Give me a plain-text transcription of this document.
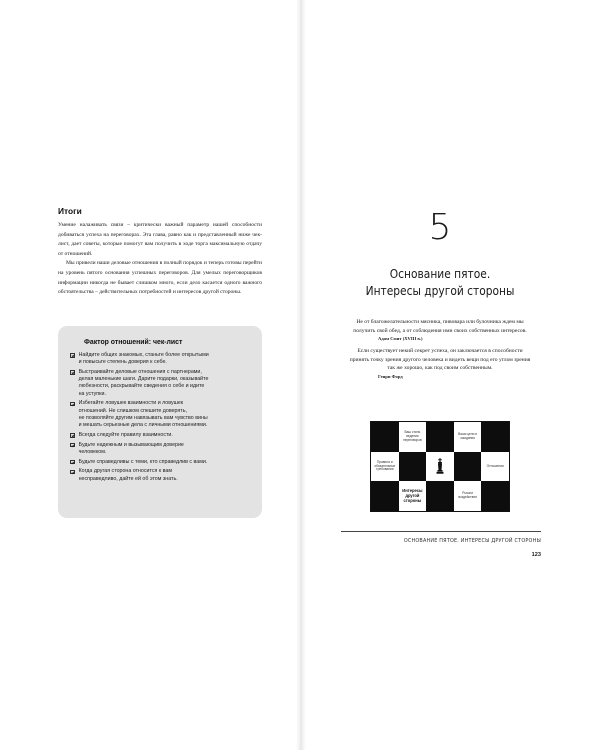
Итоги

Умение налаживать связи – критически важный параметр нашей способности добиваться успеха на переговорах. Эта глава, равно как и представленный ниже чек-лист, дает советы, которые помогут вам получить в ходе торга максимальную отдачу от отношений.

Мы привели наши деловые отношения в полный порядок и теперь готовы перейти на уровень пятого основания успешных переговоров. Для умелых переговорщиков информации никогда не бывает слишком много, если дело касается одного важного обстоятельства – действительных потребностей и интересов другой стороны.

Фактор отношений: чек-лист
Найдите общих знакомых, станьте более открытыми
и повысьте степень доверия к себе.
Выстраивайте деловые отношения с партнерами,
делая маленькие шаги. Дарите подарки, оказывайте
любезности, раскрывайте сведения о себе и идите
на уступки.
Избегайте ловушек взаимности и ловушек
отношений. Не слишком спешите доверять,
не позволяйте другим навязывать вам чувство вины
и мешать серьезные дела с личными отношениями.
Всегда следуйте правилу взаимности.
Будьте надежным и вызывающим доверие
человеком.
Будьте справедливы с теми, кто справедлив с вами.
Когда другая сторона относится к вам
несправедливо, дайте ей об этом знать.
5
Основание пятое.
Интересы другой стороны

Не от благожелательности мясника, пивовара или булочника ждем мы получить свой обед, а от соблюдения ими своих собственных интересов.

Адам Смит (XVIII в.)

Если существует некий секрет успеха, он заключается в способности принять точку зрения другого человека и видеть вещи под его углом зрения так же хорошо, как под своим собственным.

Генри Форд
Ваш стиль ведения переговоров
Ваши цели и ожидания
Правила и обязательные требования
Отношения
Интересы другой стороны
Рычаги воздействия
ОСНОВАНИЕ ПЯТОЕ. ИНТЕРЕСЫ ДРУГОЙ СТОРОНЫ
123
